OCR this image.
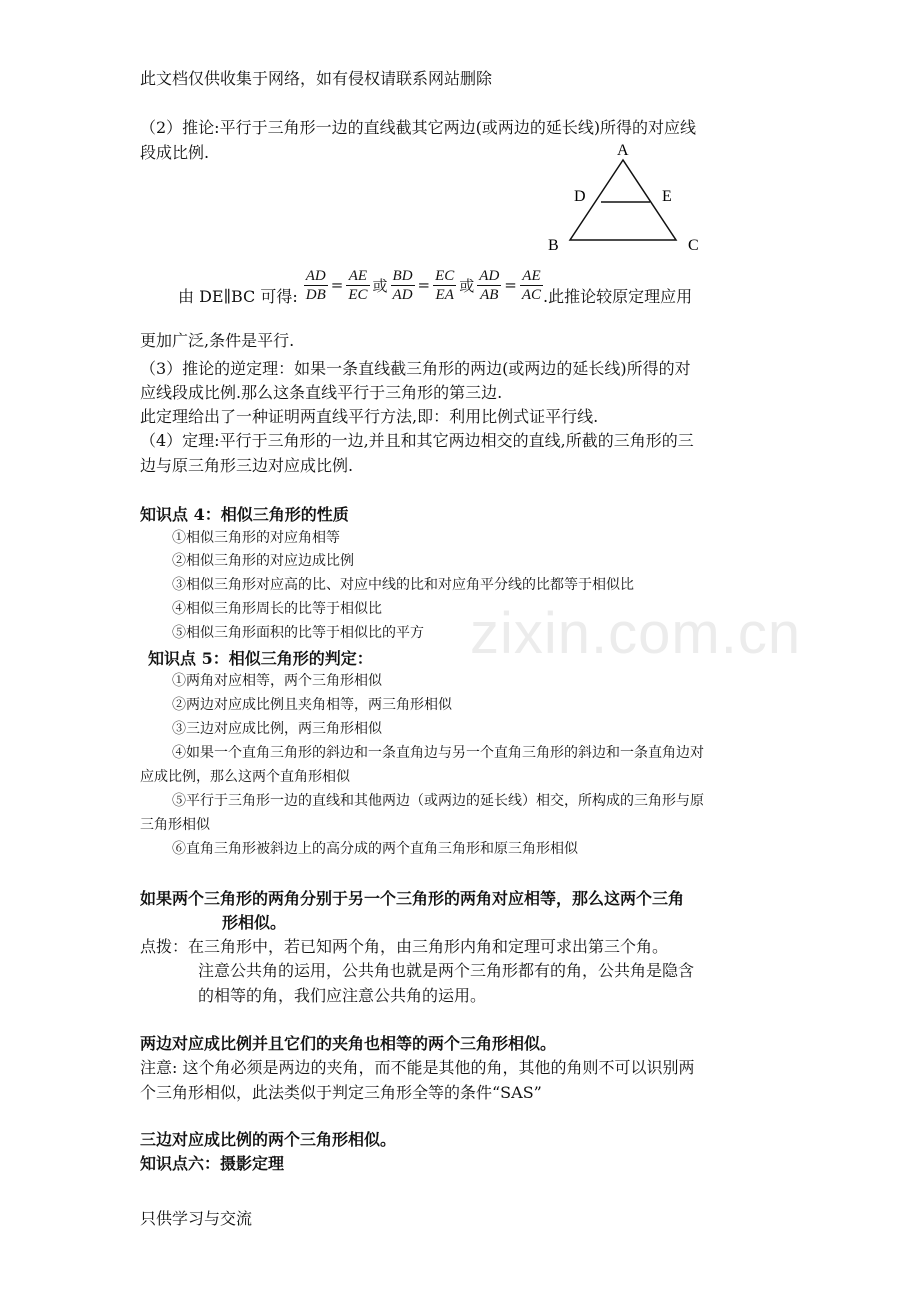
zixin.com.cn
此文档仅供收集于网络，如有侵权请联系网站删除
（2）推论:平行于三角形一边的直线截其它两边(或两边的延长线)所得的对应线
段成比例.	A
D	E
B	C
由 DE∥BC 可得: $\frac{AD}{DB} = \frac{AE}{EC}$ 或 $\frac{BD}{AD} = \frac{EC}{EA}$ 或 $\frac{AD}{AB} = \frac{AE}{AC}$ .此推论较原定理应用
更加广泛,条件是平行.
（3）推论的逆定理：如果一条直线截三角形的两边(或两边的延长线)所得的对
应线段成比例.那么这条直线平行于三角形的第三边.
此定理给出了一种证明两直线平行方法,即：利用比例式证平行线.
（4）定理:平行于三角形的一边,并且和其它两边相交的直线,所截的三角形的三
边与原三角形三边对应成比例.
知识点 4：相似三角形的性质
①相似三角形的对应角相等
②相似三角形的对应边成比例
③相似三角形对应高的比、对应中线的比和对应角平分线的比都等于相似比
④相似三角形周长的比等于相似比
⑤相似三角形面积的比等于相似比的平方
知识点 5：相似三角形的判定：
①两角对应相等，两个三角形相似
②两边对应成比例且夹角相等，两三角形相似
③三边对应成比例，两三角形相似
④如果一个直角三角形的斜边和一条直角边与另一个直角三角形的斜边和一条直角边对
应成比例，那么这两个直角形相似
⑤平行于三角形一边的直线和其他两边（或两边的延长线）相交，所构成的三角形与原
三角形相似
⑥直角三角形被斜边上的高分成的两个直角三角形和原三角形相似
如果两个三角形的两角分别于另一个三角形的两角对应相等，那么这两个三角
形相似。
点拨：在三角形中，若已知两个角，由三角形内角和定理可求出第三个角。
注意公共角的运用，公共角也就是两个三角形都有的角，公共角是隐含
的相等的角，我们应注意公共角的运用。
两边对应成比例并且它们的夹角也相等的两个三角形相似。
注意: 这个角必须是两边的夹角，而不能是其他的角，其他的角则不可以识别两
个三角形相似，此法类似于判定三角形全等的条件“SAS”
三边对应成比例的两个三角形相似。
知识点六：摄影定理
只供学习与交流
